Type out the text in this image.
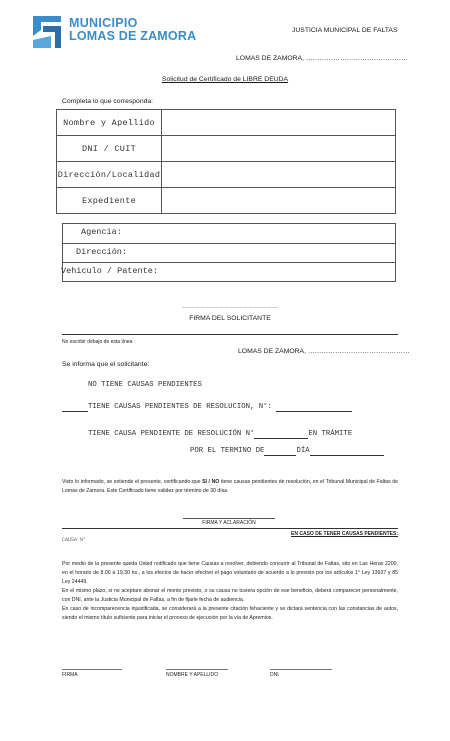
MUNICIPIO
LOMAS DE ZAMORA	JUSTICIA MUNICIPAL DE FALTAS
LOMAS DE ZAMORA, ………………………………………
Solicitud de Certificado de LIBRE DEUDA
Completa lo que corresponda:
Nombre y Apellido	
DNI / CUIT	
Dirección/Localidad	
Expediente	
Agencia:
Dirección:
Vehiculo / Patente:
…………………………………………
FIRMA DEL SOLICITANTE
No escribir debajo de esta línea
LOMAS DE ZAMORA, ………………………………………
Se informa que el solicitante:
NO TIENE CAUSAS PENDIENTES
TIENE CAUSAS PENDIENTES DE RESOLUCION, N°:
TIENE CAUSA PENDIENTE DE RESOLUCIÓN N°	EN TRÁMITE
POR EL TERMINO DE	DÍA
Visto lo informado, se extiende el presente, certificando que SI / NO tiene causas pendientes de resolución, en el Tribunal Municipal de Faltas de Lomas de Zamora. Este Certificado tiene validez por término de 30 días.
FIRMA Y ACLARACIÓN
EN CASO DE TENER CAUSAS PENDIENTES:
CAUSA N°
Por medio de la presente queda Usted notificado que tiene Causas a resolver, debiendo concurrir al Tribunal de Faltas, sito en Las Heras 2200, en el horario de 8.00 a 19.30 hs., a los efectos de hacer efectivo el pago voluntario de acuerdo a lo previsto por los artículos 1° Ley 13927 y 85 Ley 24449.
En el mismo plazo, si no aceptare abonar el monto previsto, o su causa no tuviera opción de ese beneficio, deberá comparecer personalmente, con DNI, ante la Justicia Municipal de Faltas, a fin de fijarle fecha de audiencia.
En caso de incomparecencia injustificada, se considerará a la presente citación fehaciente y se dictará sentencia con las constancias de autos, siendo el mismo título suficiente para iniciar el proceso de ejecución por la vía de Apremios.
FIRMA	NOMBRE Y APELLIDO	DNI
